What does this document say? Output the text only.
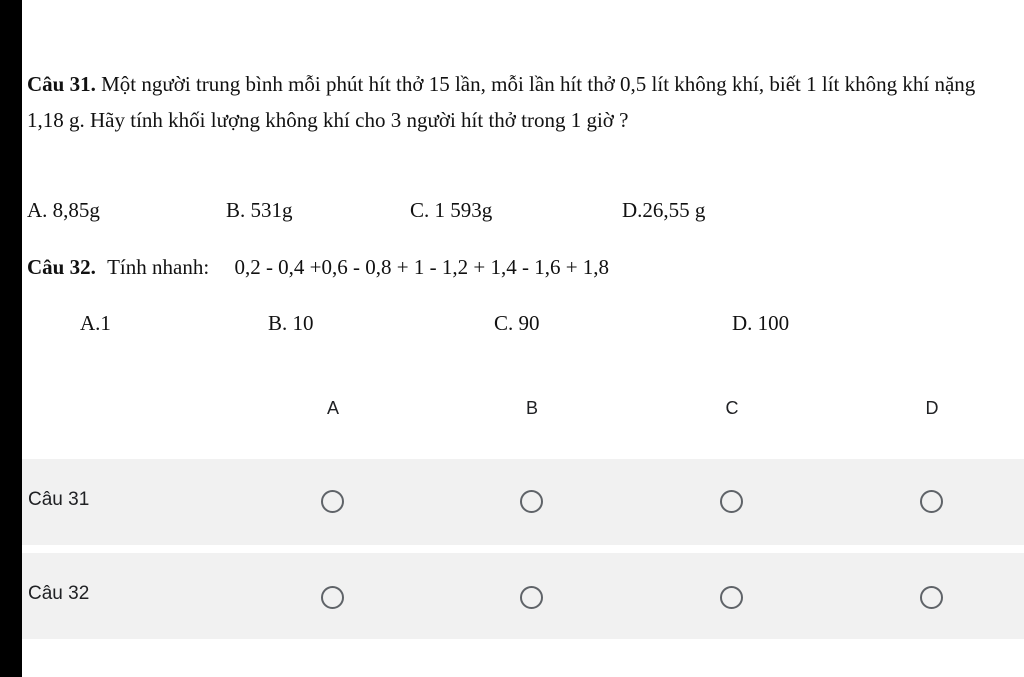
Câu 31. Một người trung bình mỗi phút hít thở 15 lần, mỗi lần hít thở 0,5 lít không khí, biết 1 lít không khí nặng 1,18 g. Hãy tính khối lượng không khí cho 3 người hít thở trong 1 giờ ?

A. 8,85g	B. 531g	C. 1 593g	D.26,55 g
Câu 32. Tính nhanh: 0,2 - 0,4 +0,6 - 0,8 + 1 - 1,2 + 1,4 - 1,6 + 1,8
A.1	B. 10	C. 90	D. 100
A	B	C	D
Câu 31
Câu 32
